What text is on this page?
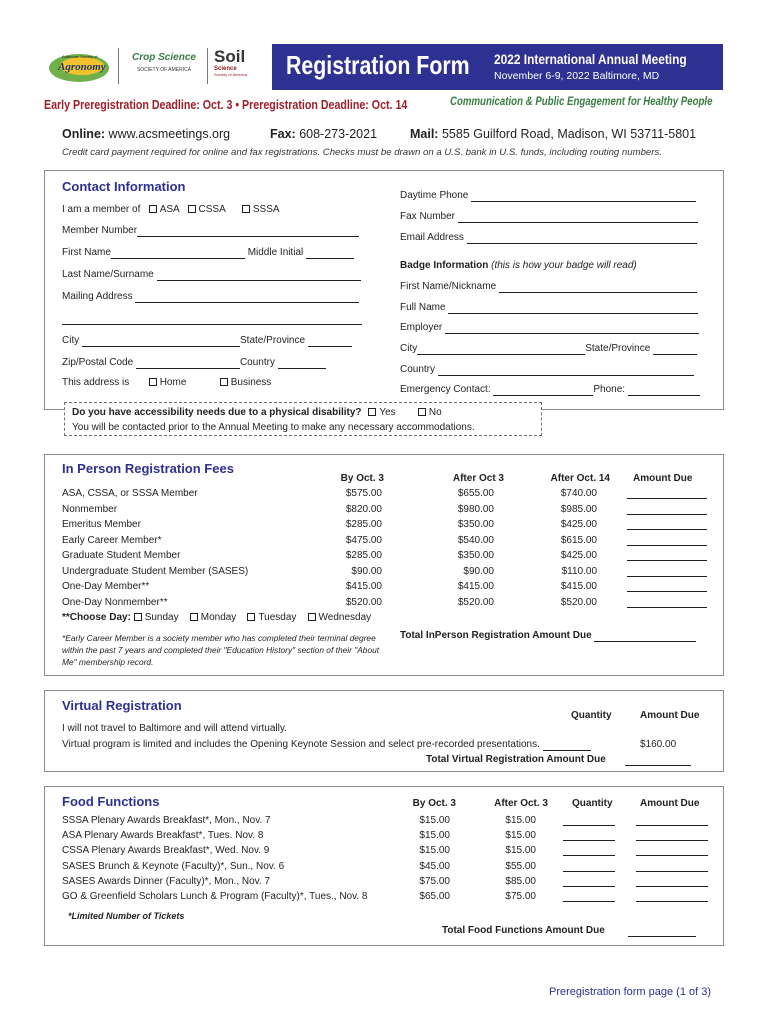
American Society of
Agronomy
Crop Science
SOCIETY OF AMERICA
Soil
Science
Society of America	Registration Form 2022 International Annual Meeting
November 6-9, 2022 Baltimore, MD
Early Preregistration Deadline: Oct. 3 • Preregistration Deadline: Oct. 14	Communication & Public Engagement for Healthy People
Online: www.acsmeetings.org	Fax: 608-273-2021	Mail: 5585 Guilford Road, Madison, WI 53711-5801
Credit card payment required for online and fax registrations. Checks must be drawn on a U.S. bank in U.S. funds, including routing numbers.
Contact Information
I am a member of ASA CSSA	SSSA
Member Number
First Name	Middle Initial
Last Name/Surname
Mailing Address
City	State/Province
Zip/Postal Code	Country
This address is	Home	Business
Daytime Phone
Fax Number
Email Address
Badge Information (this is how your badge will read)
First Name/Nickname
Full Name
Employer
City	State/Province
Country
Emergency Contact:	Phone:
Do you have accessibility needs due to a physical disability? Yes	No
You will be contacted prior to the Annual Meeting to make any necessary accommodations.
In Person Registration Fees
By Oct. 3	After Oct 3	After Oct. 14 Amount Due
ASA, CSSA, or SSSA Member	$575.00	$655.00	$740.00
Nonmember	$820.00	$980.00	$985.00
Emeritus Member	$285.00	$350.00	$425.00
Early Career Member*	$475.00	$540.00	$615.00
Graduate Student Member	$285.00	$350.00	$425.00
Undergraduate Student Member (SASES)	$90.00	$90.00	$110.00
One-Day Member**	$415.00	$415.00	$415.00
One-Day Nonmember**	$520.00	$520.00	$520.00
**Choose Day: Sunday Monday Tuesday Wednesday
*Early Career Member is a society member who has completed their terminal degree within the past 7 years and completed their "Education History" section of their "About Me" membership record.
Total InPerson Registration Amount Due
Virtual Registration
Quantity	Amount Due
I will not travel to Baltimore and will attend virtually.
Virtual program is limited and includes the Opening Keynote Session and select pre-recorded presentations.	$160.00
Total Virtual Registration Amount Due
Food Functions	By Oct. 3	After Oct. 3 Quantity	Amount Due
SSSA Plenary Awards Breakfast*, Mon., Nov. 7	$15.00	$15.00
ASA Plenary Awards Breakfast*, Tues. Nov. 8	$15.00	$15.00
CSSA Plenary Awards Breakfast*, Wed. Nov. 9	$15.00	$15.00
SASES Brunch & Keynote (Faculty)*, Sun., Nov. 6	$45.00	$55.00
SASES Awards Dinner (Faculty)*, Mon., Nov. 7	$75.00	$85.00
GO & Greenfield Scholars Lunch & Program (Faculty)*, Tues., Nov. 8	$65.00	$75.00
*Limited Number of Tickets
Total Food Functions Amount Due
Preregistration form page (1 of 3)
